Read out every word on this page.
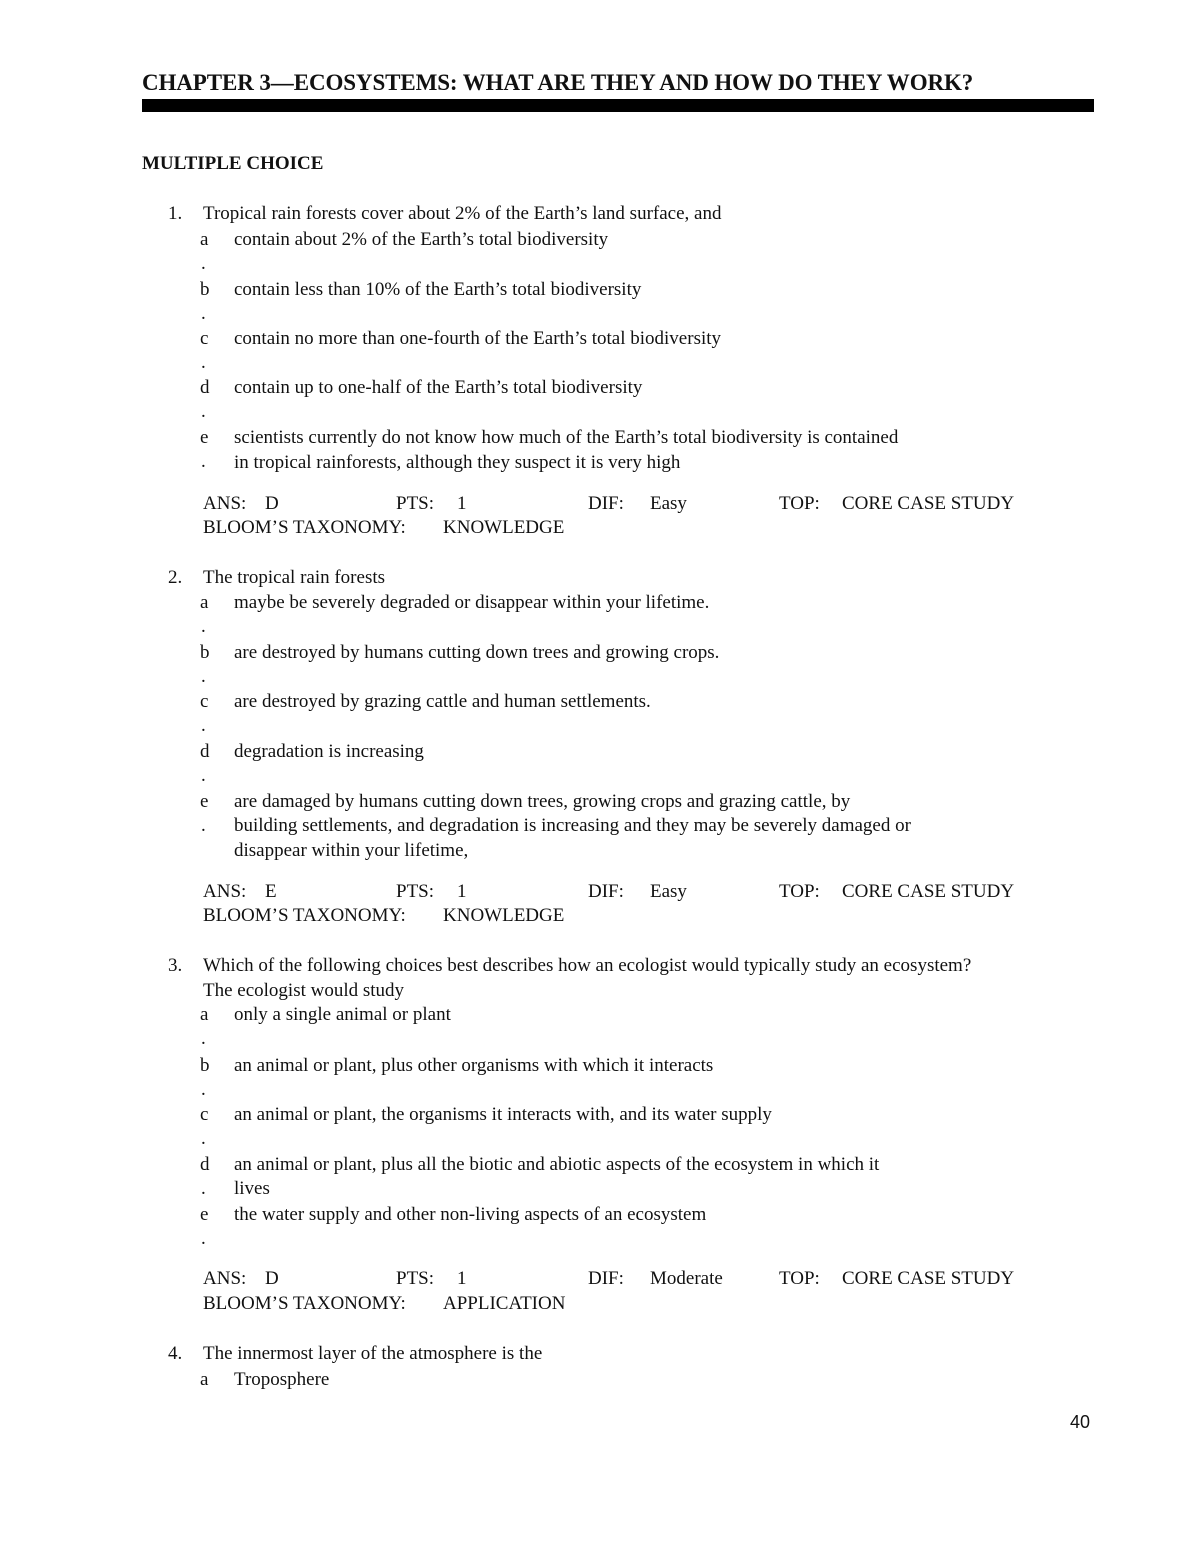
CHAPTER 3—ECOSYSTEMS: WHAT ARE THEY AND HOW DO THEY WORK?
MULTIPLE CHOICE
1. Tropical rain forests cover about 2% of the Earth’s land surface, and
a
.
contain about 2% of the Earth’s total biodiversity
b
.
contain less than 10% of the Earth’s total biodiversity
c
.
contain no more than one-fourth of the Earth’s total biodiversity
d
.
contain up to one-half of the Earth’s total biodiversity
e
.
scientists currently do not know how much of the Earth’s total biodiversity is contained
in tropical rainforests, although they suspect it is very high
ANS: D	PTS: 1	DIF: Easy	TOP: CORE CASE STUDY
BLOOM’S TAXONOMY: KNOWLEDGE
2. The tropical rain forests
a
.
maybe be severely degraded or disappear within your lifetime.
b
.
are destroyed by humans cutting down trees and growing crops.
c
.
are destroyed by grazing cattle and human settlements.
d
.
degradation is increasing
e
.
are damaged by humans cutting down trees, growing crops and grazing cattle, by
building settlements, and degradation is increasing and they may be severely damaged or
disappear within your lifetime,
ANS: E	PTS: 1	DIF: Easy	TOP: CORE CASE STUDY
BLOOM’S TAXONOMY: KNOWLEDGE
3. Which of the following choices best describes how an ecologist would typically study an ecosystem?
The ecologist would study
a
.
only a single animal or plant
b
.
an animal or plant, plus other organisms with which it interacts
c
.
an animal or plant, the organisms it interacts with, and its water supply
d
.
an animal or plant, plus all the biotic and abiotic aspects of the ecosystem in which it
lives
e
.
the water supply and other non-living aspects of an ecosystem
ANS: D	PTS: 1	DIF: Moderate	TOP: CORE CASE STUDY
BLOOM’S TAXONOMY: APPLICATION
4. The innermost layer of the atmosphere is the
a Troposphere
40
